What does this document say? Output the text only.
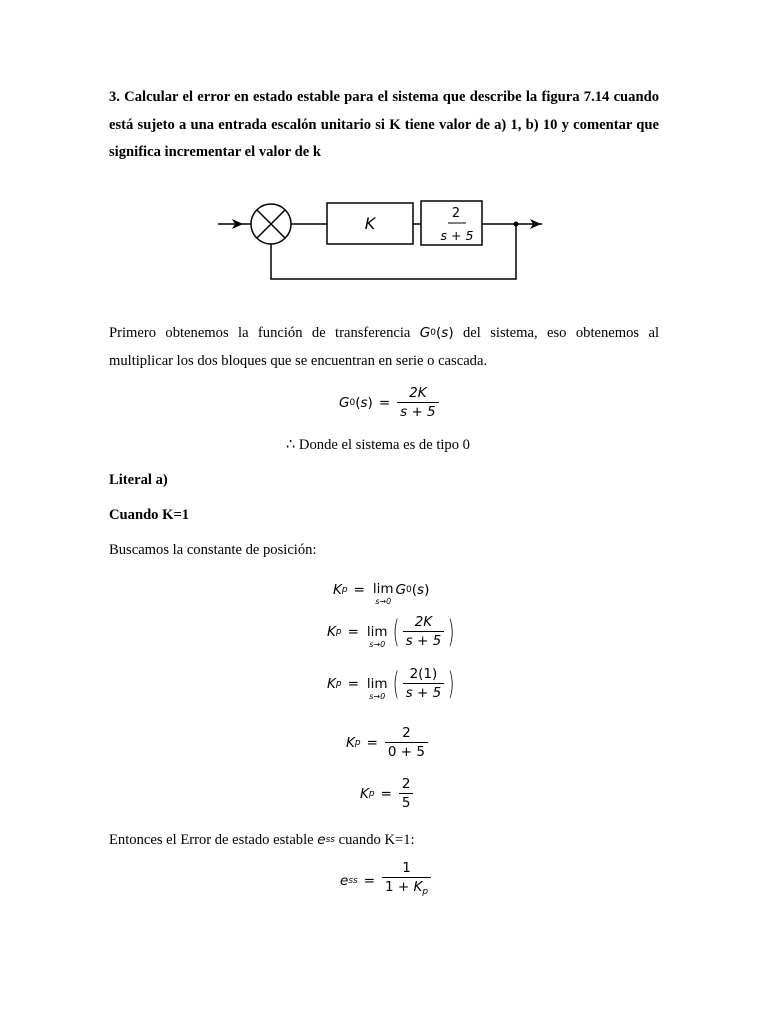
3. Calcular el error en estado estable para el sistema que describe la figura 7.14 cuando está sujeto a una entrada escalón unitario si K tiene valor de a) 1, b) 10 y comentar que significa incrementar el valor de k
K
2
s + 5
Primero obtenemos la función de transferencia G 0 ( s ) del sistema, eso obtenemos al multiplicar los dos bloques que se encuentran en serie o cascada.
G 0 ( s ) = $\frac{2K}{s + 5}$
∴ Donde el sistema es de tipo 0
Literal a)
Cuando K=1
Buscamos la constante de posición:
K p = lim
s→0
G 0 ( s )
K p = lim
s→0 ( $\frac{2K}{s + 5}$ )
K p = lim
s→0 ( $\frac{2(1)}{s + 5}$ )
K $p = \frac{2}{0 + 5}$
K $p = \frac{2}{5}$
Entonces el Error de estado estable e ss cuando K=1:
e ss = $\frac{1}{1 + K_p}$
